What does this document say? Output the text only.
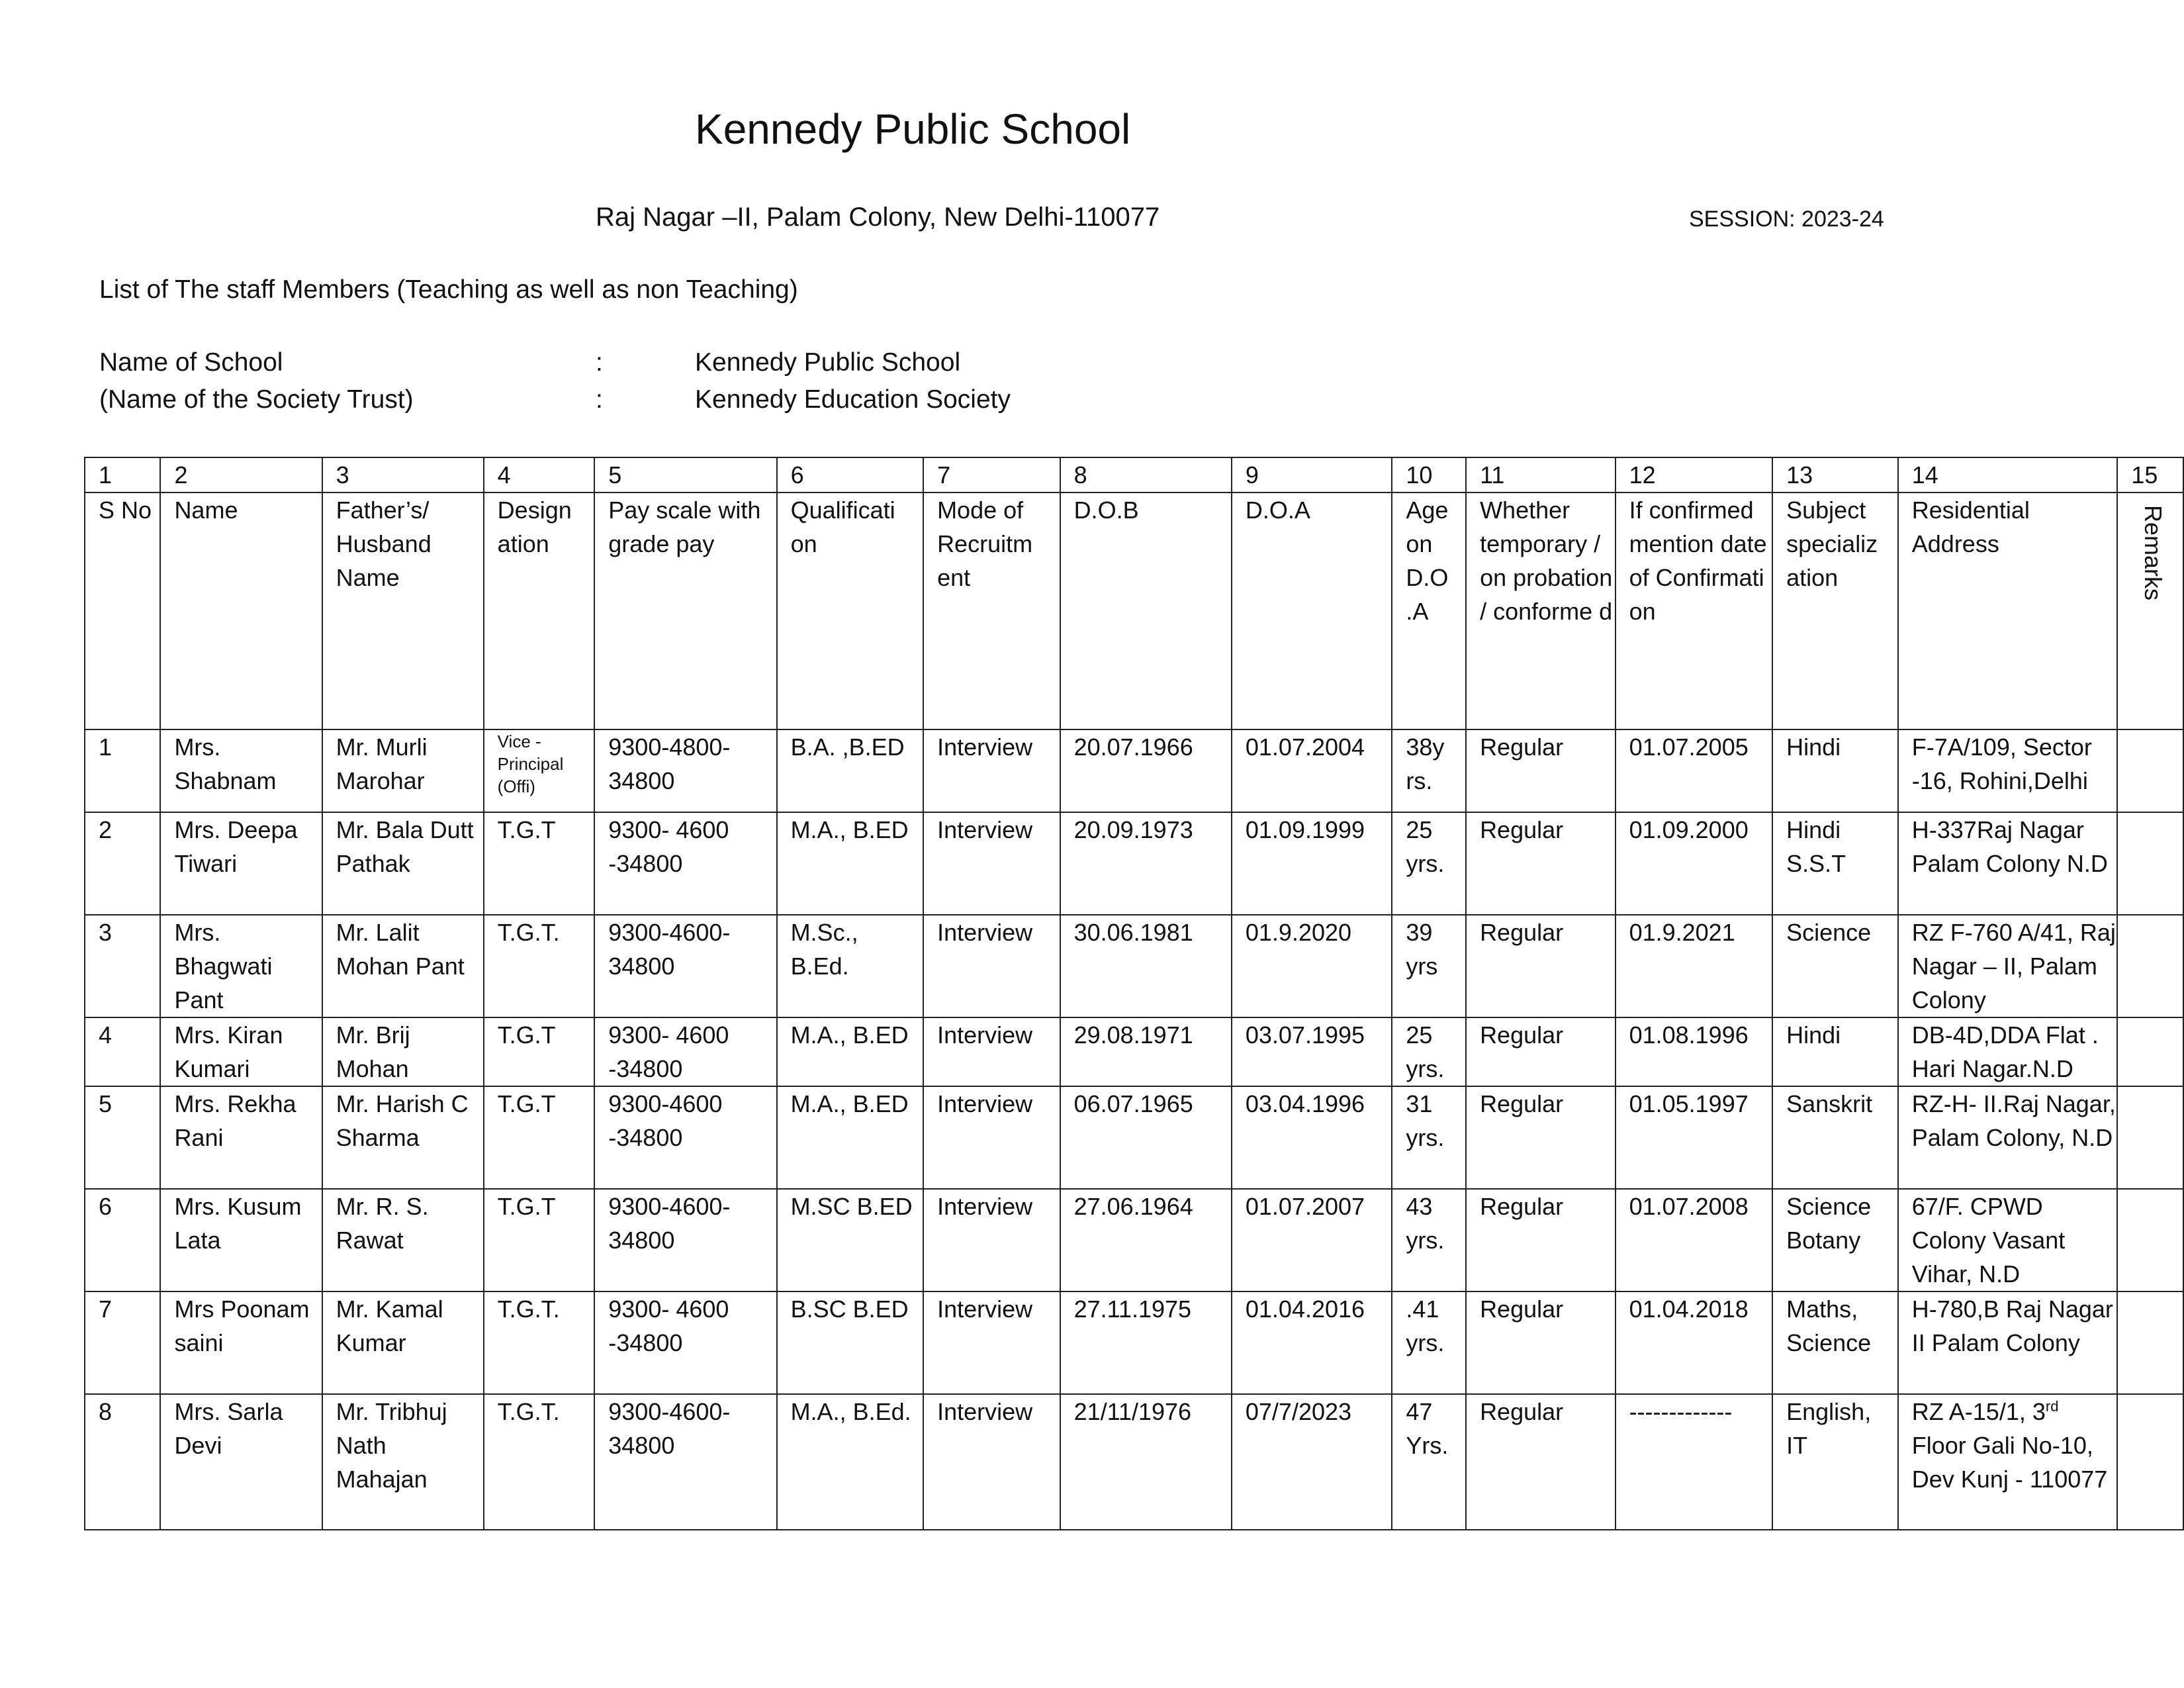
Kennedy Public School
Raj Nagar –II, Palam Colony, New Delhi-110077	SESSION: 2023-24
List of The staff Members (Teaching as well as non Teaching)
Name of School	:	Kennedy Public School
(Name of the Society Trust)	:	Kennedy Education Society
1	2	3	4	5	6	7	8	9	10	11	12	13	14	15
S No	Name	Father’s/ Husband Name	Design ation	Pay scale with grade pay	Qualificati on	Mode of Recruitm ent	D.O.B	D.O.A	Age on D.O .A	Whether temporary / on probation / conforme d	If confirmed mention date of Confirmati on	Subject specializ ation	Residential Address	Remarks

1	Mrs. Shabnam	Mr. Murli Marohar	Vice - Principal (Offi)	9300-4800-34800	B.A. ,B.ED	Interview	20.07.1966	01.07.2004	38y rs.	Regular	01.07.2005	Hindi	F-7A/109, Sector -16, Rohini,Delhi	
2	Mrs. Deepa Tiwari	Mr. Bala Dutt Pathak	T.G.T	9300- 4600 -34800	M.A., B.ED	Interview	20.09.1973	01.09.1999	25 yrs.	Regular	01.09.2000	Hindi S.S.T	H-337Raj Nagar Palam Colony N.D	
3	Mrs. Bhagwati Pant	Mr. Lalit Mohan Pant	T.G.T.	9300-4600-34800	M.Sc., B.Ed.	Interview	30.06.1981	01.9.2020	39 yrs	Regular	01.9.2021	Science	RZ F-760 A/41, Raj Nagar – II, Palam Colony	
4	Mrs. Kiran Kumari	Mr. Brij Mohan	T.G.T	9300- 4600 -34800	M.A., B.ED	Interview	29.08.1971	03.07.1995	25 yrs.	Regular	01.08.1996	Hindi	DB-4D,DDA Flat . Hari Nagar.N.D	
5	Mrs. Rekha Rani	Mr. Harish C Sharma	T.G.T	9300-4600 -34800	M.A., B.ED	Interview	06.07.1965	03.04.1996	31 yrs.	Regular	01.05.1997	Sanskrit	RZ-H- II.Raj Nagar, Palam Colony, N.D	
6	Mrs. Kusum Lata	Mr. R. S. Rawat	T.G.T	9300-4600-34800	M.SC B.ED	Interview	27.06.1964	01.07.2007	43 yrs.	Regular	01.07.2008	Science Botany	67/F. CPWD Colony Vasant Vihar, N.D	
7	Mrs Poonam saini	Mr. Kamal Kumar	T.G.T.	9300- 4600 -34800	B.SC B.ED	Interview	27.11.1975	01.04.2016	.41 yrs.	Regular	01.04.2018	Maths, Science	H-780,B Raj Nagar II Palam Colony	
8	Mrs. Sarla Devi	Mr. Tribhuj Nath Mahajan	T.G.T.	9300-4600-34800	M.A., B.Ed.	Interview	21/11/1976	07/7/2023	47 Yrs.	Regular	-------------	English, IT	RZ A-15/1, 3rd Floor Gali No-10, Dev Kunj - 110077	
